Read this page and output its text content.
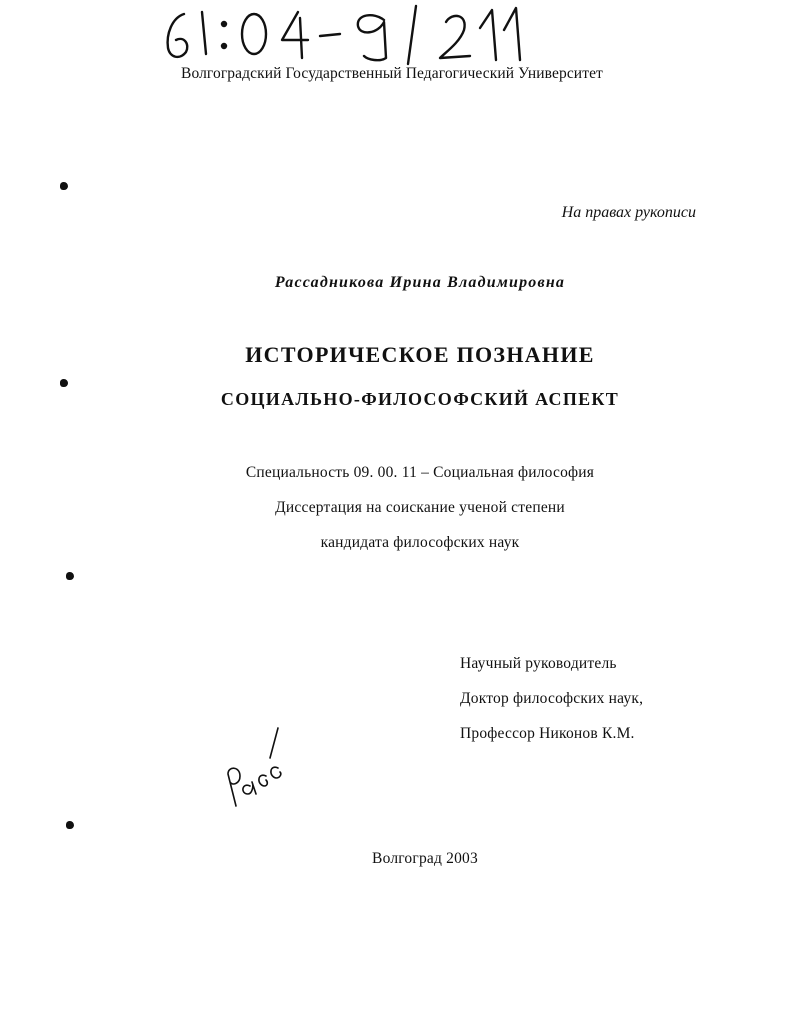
Волгоградский Государственный Педагогический Университет
На правах рукописи
Рассадникова Ирина Владимировна
ИСТОРИЧЕСКОЕ ПОЗНАНИЕ
СОЦИАЛЬНО-ФИЛОСОФСКИЙ АСПЕКТ
Специальность 09. 00. 11 – Социальная философия
Диссертация на соискание ученой степени
кандидата философских наук
Научный руководитель
Доктор философских наук,
Профессор Никонов К.М.
Волгоград 2003
